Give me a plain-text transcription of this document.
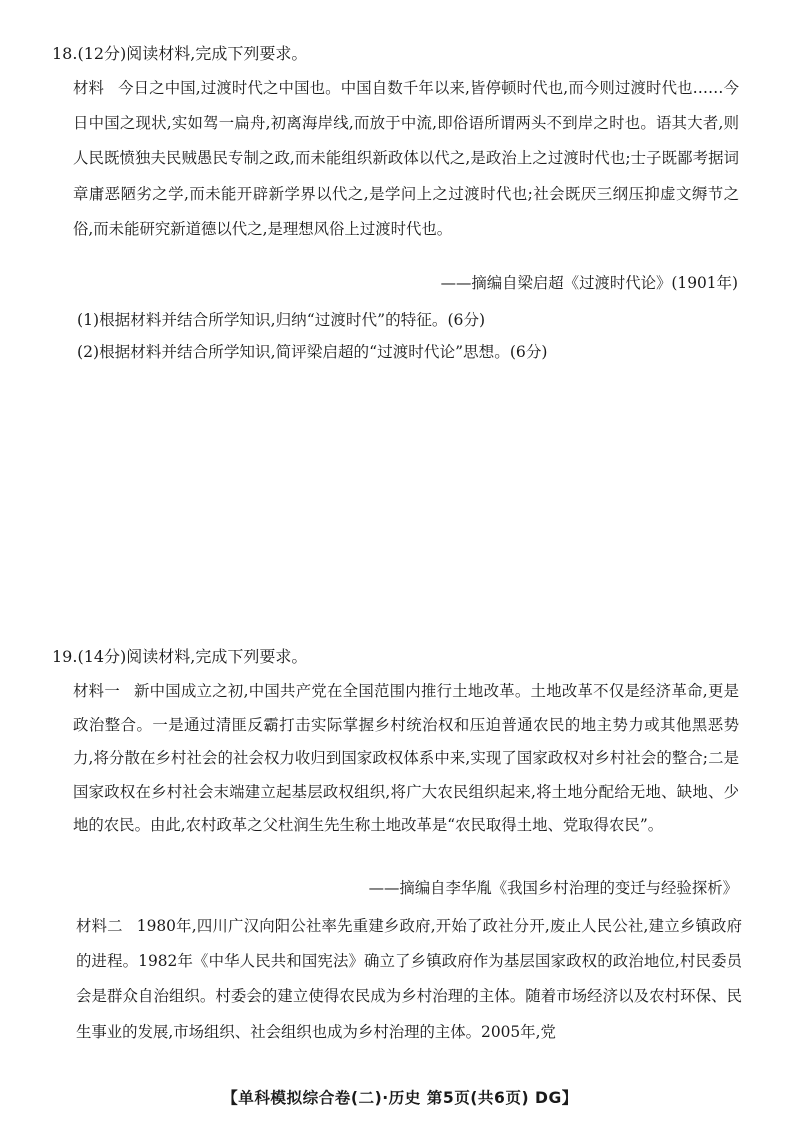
18.(12分)阅读材料,完成下列要求。
材料 今日之中国,过渡时代之中国也。中国自数千年以来,皆停顿时代也,而今则过渡时代也……今日中国之现状,实如驾一扁舟,初离海岸线,而放于中流,即俗语所谓两头不到岸之时也。语其大者,则人民既愤独夫民贼愚民专制之政,而未能组织新政体以代之,是政治上之过渡时代也;士子既鄙考据词章庸恶陋劣之学,而未能开辟新学界以代之,是学问上之过渡时代也;社会既厌三纲压抑虚文缛节之俗,而未能研究新道德以代之,是理想风俗上过渡时代也。
——摘编自梁启超《过渡时代论》(1901年)
(1)根据材料并结合所学知识,归纳“过渡时代”的特征。(6分)
(2)根据材料并结合所学知识,简评梁启超的“过渡时代论”思想。(6分)
19.(14分)阅读材料,完成下列要求。
材料一 新中国成立之初,中国共产党在全国范围内推行土地改革。土地改革不仅是经济革命,更是政治整合。一是通过清匪反霸打击实际掌握乡村统治权和压迫普通农民的地主势力或其他黑恶势力,将分散在乡村社会的社会权力收归到国家政权体系中来,实现了国家政权对乡村社会的整合;二是国家政权在乡村社会末端建立起基层政权组织,将广大农民组织起来,将土地分配给无地、缺地、少地的农民。由此,农村政革之父杜润生先生称土地改革是“农民取得土地、党取得农民”。
——摘编自李华胤《我国乡村治理的变迁与经验探析》
材料二 1980年,四川广汉向阳公社率先重建乡政府,开始了政社分开,废止人民公社,建立乡镇政府的进程。1982年《中华人民共和国宪法》确立了乡镇政府作为基层国家政权的政治地位,村民委员会是群众自治组织。村委会的建立使得农民成为乡村治理的主体。随着市场经济以及农村环保、民生事业的发展,市场组织、社会组织也成为乡村治理的主体。2005年,党
【单科模拟综合卷(二)·历史 第5页(共6页) DG】
